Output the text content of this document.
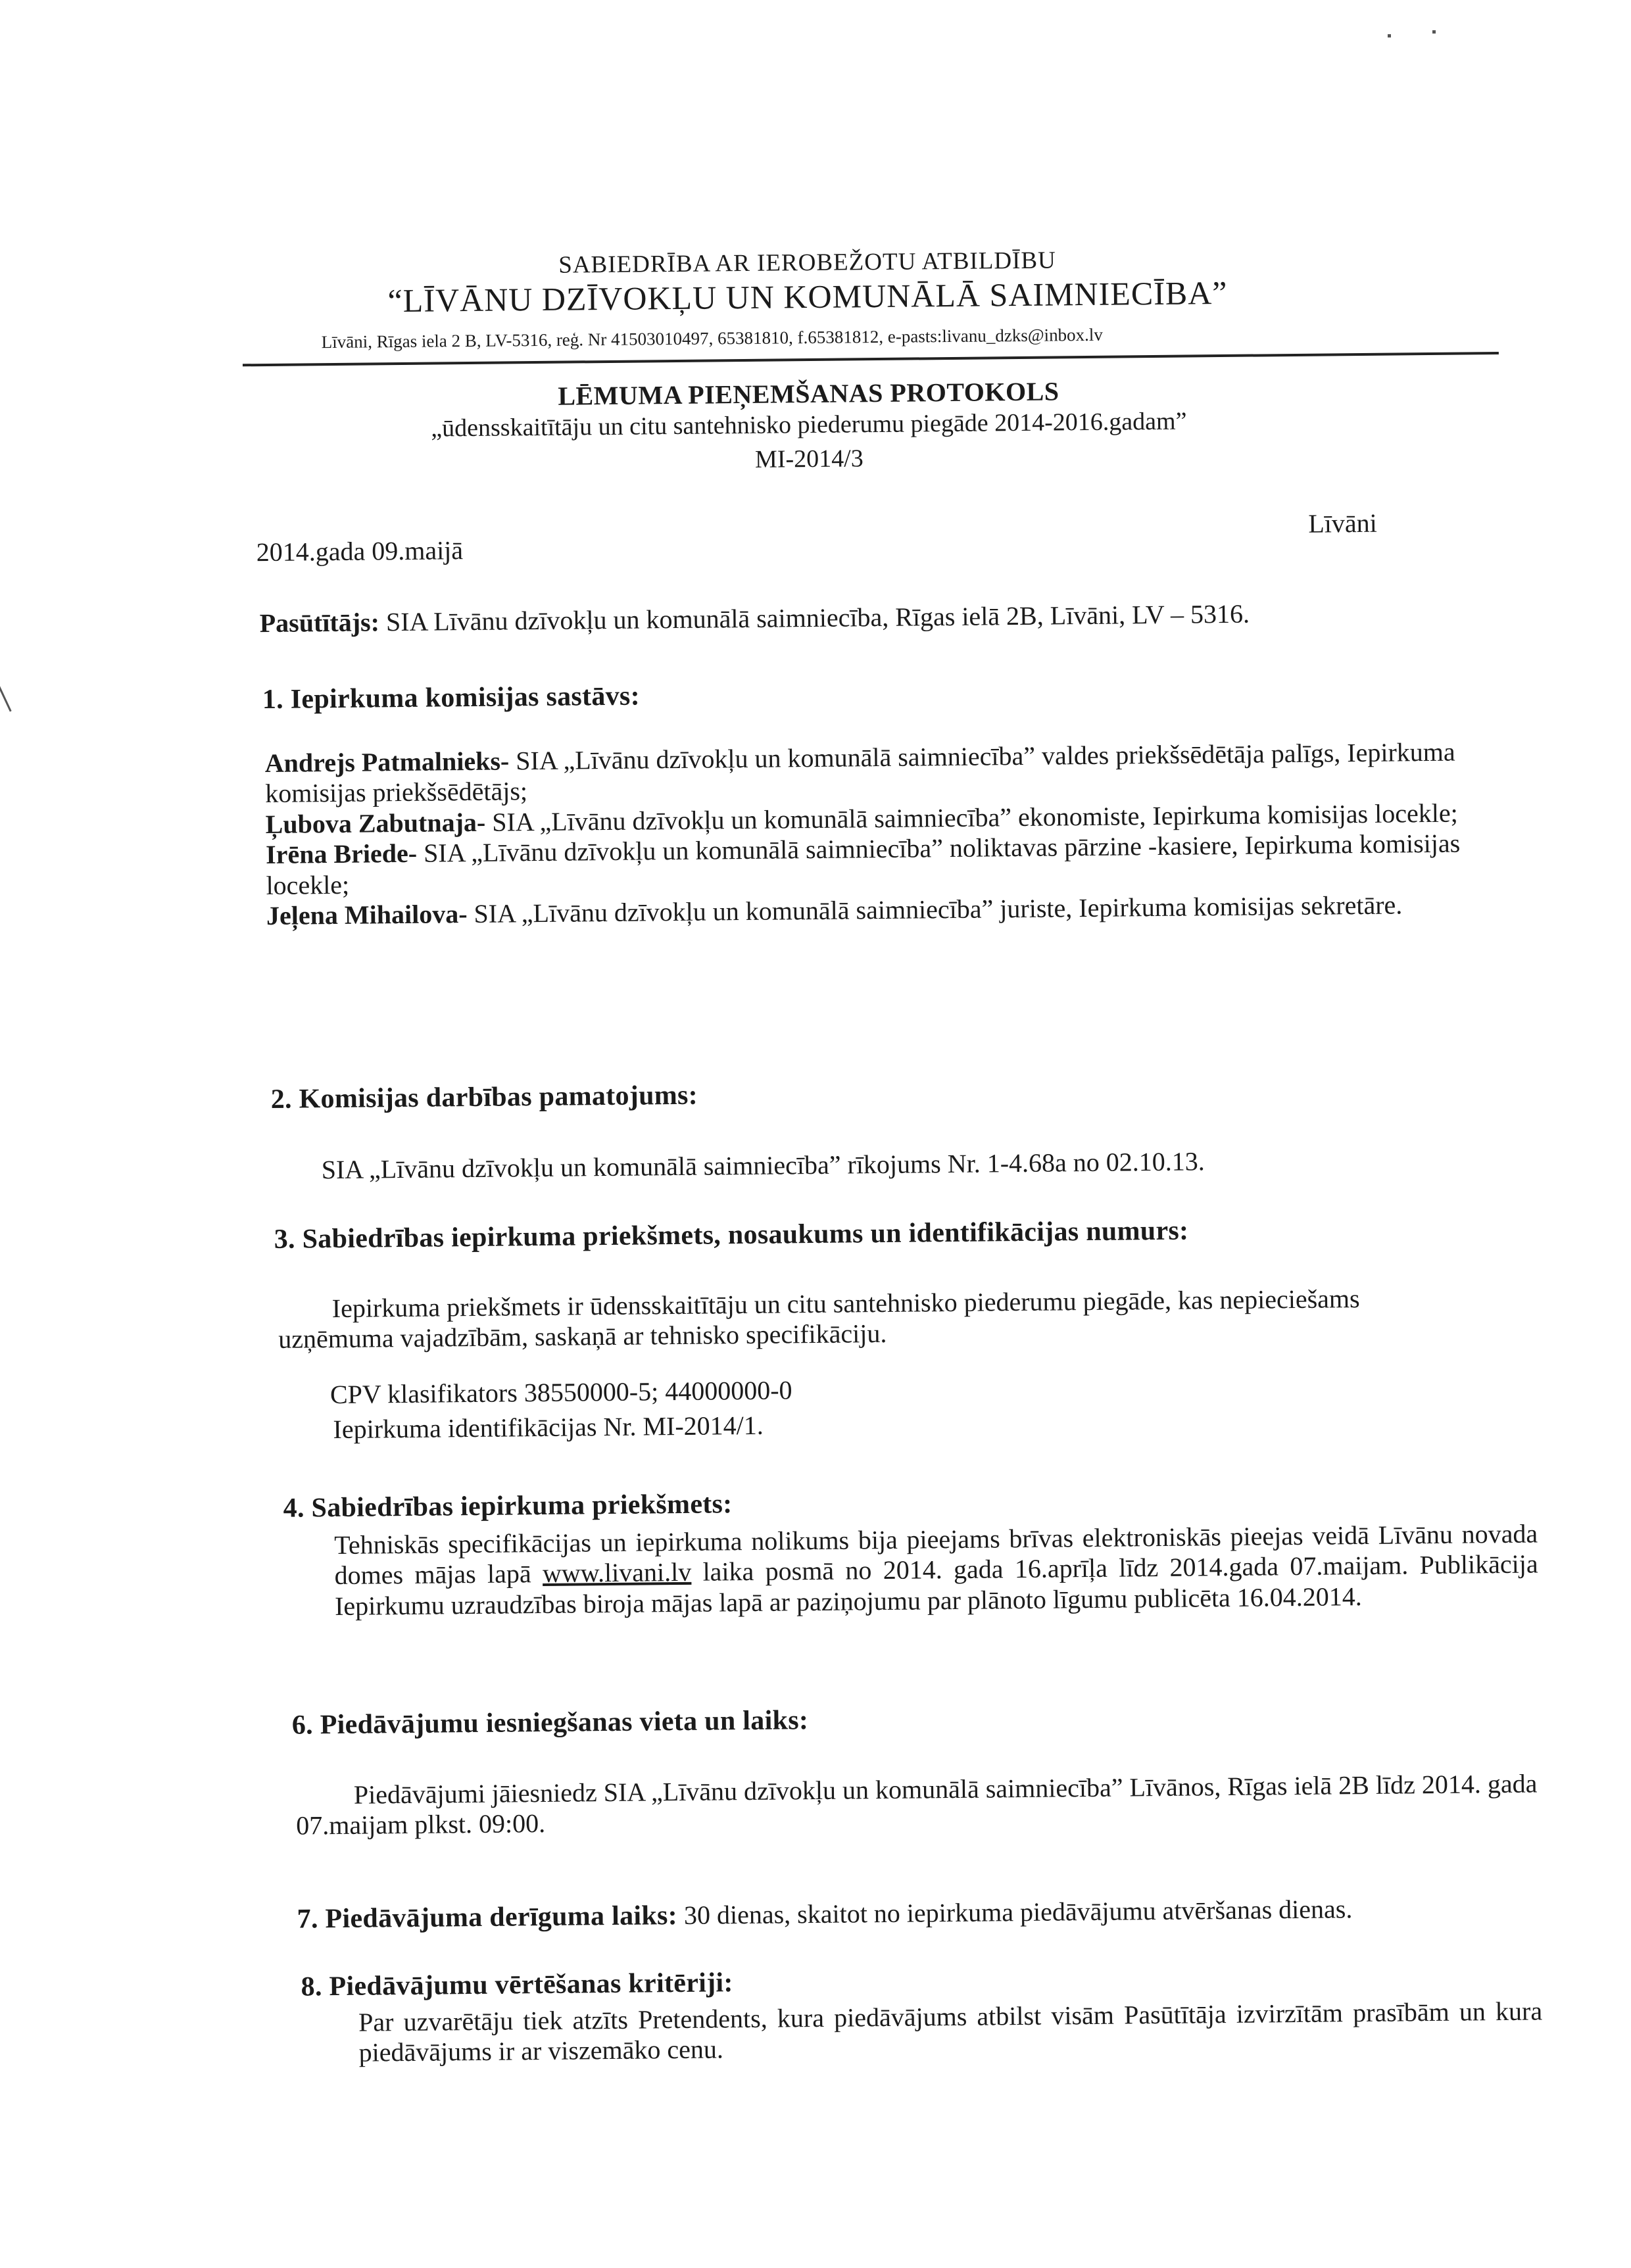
SABIEDRĪBA AR IEROBEŽOTU ATBILDĪBU
“LĪVĀNU DZĪVOKĻU UN KOMUNĀLĀ SAIMNIECĪBA”
Līvāni, Rīgas iela 2 B, LV-5316, reģ. Nr 41503010497, 65381810, f.65381812, e-pasts:livanu_dzks@inbox.lv
LĒMUMA PIEŅEMŠANAS PROTOKOLS
„ūdensskaitītāju un citu santehnisko piederumu piegāde 2014-2016.gadam”
MI-2014/3
2014.gada 09.maijā
Līvāni
Pasūtītājs: SIA Līvānu dzīvokļu un komunālā saimniecība, Rīgas ielā 2B, Līvāni, LV – 5316.
1. Iepirkuma komisijas sastāvs:
Andrejs Patmalnieks- SIA „Līvānu dzīvokļu un komunālā saimniecība” valdes priekšsēdētāja palīgs, Iepirkuma komisijas priekšsēdētājs;
Ļubova Zabutnaja- SIA „Līvānu dzīvokļu un komunālā saimniecība” ekonomiste, Iepirkuma komisijas locekle;
Irēna Briede- SIA „Līvānu dzīvokļu un komunālā saimniecība” noliktavas pārzine -kasiere, Iepirkuma komisijas locekle;
Jeļena Mihailova- SIA „Līvānu dzīvokļu un komunālā saimniecība” juriste, Iepirkuma komisijas sekretāre.
2. Komisijas darbības pamatojums:
SIA „Līvānu dzīvokļu un komunālā saimniecība” rīkojums Nr. 1-4.68a no 02.10.13.
3. Sabiedrības iepirkuma priekšmets, nosaukums un identifikācijas numurs:
Iepirkuma priekšmets ir ūdensskaitītāju un citu santehnisko piederumu piegāde, kas nepieciešams uzņēmuma vajadzībām, saskaņā ar tehnisko specifikāciju.
CPV klasifikators 38550000-5; 44000000-0
Iepirkuma identifikācijas Nr. MI-2014/1.
4. Sabiedrības iepirkuma priekšmets:
Tehniskās specifikācijas un iepirkuma nolikums bija pieejams brīvas elektroniskās pieejas veidā Līvānu novada domes mājas lapā www.livani.lv laika posmā no 2014. gada 16.aprīļa līdz 2014.gada 07.maijam. Publikācija Iepirkumu uzraudzības biroja mājas lapā ar paziņojumu par plānoto līgumu publicēta 16.04.2014.
6. Piedāvājumu iesniegšanas vieta un laiks:
Piedāvājumi jāiesniedz SIA „Līvānu dzīvokļu un komunālā saimniecība” Līvānos, Rīgas ielā 2B līdz 2014. gada 07.maijam plkst. 09:00.
7. Piedāvājuma derīguma laiks: 30 dienas, skaitot no iepirkuma piedāvājumu atvēršanas dienas.
8. Piedāvājumu vērtēšanas kritēriji:
Par uzvarētāju tiek atzīts Pretendents, kura piedāvājums atbilst visām Pasūtītāja izvirzītām prasībām un kura piedāvājums ir ar viszemāko cenu.
